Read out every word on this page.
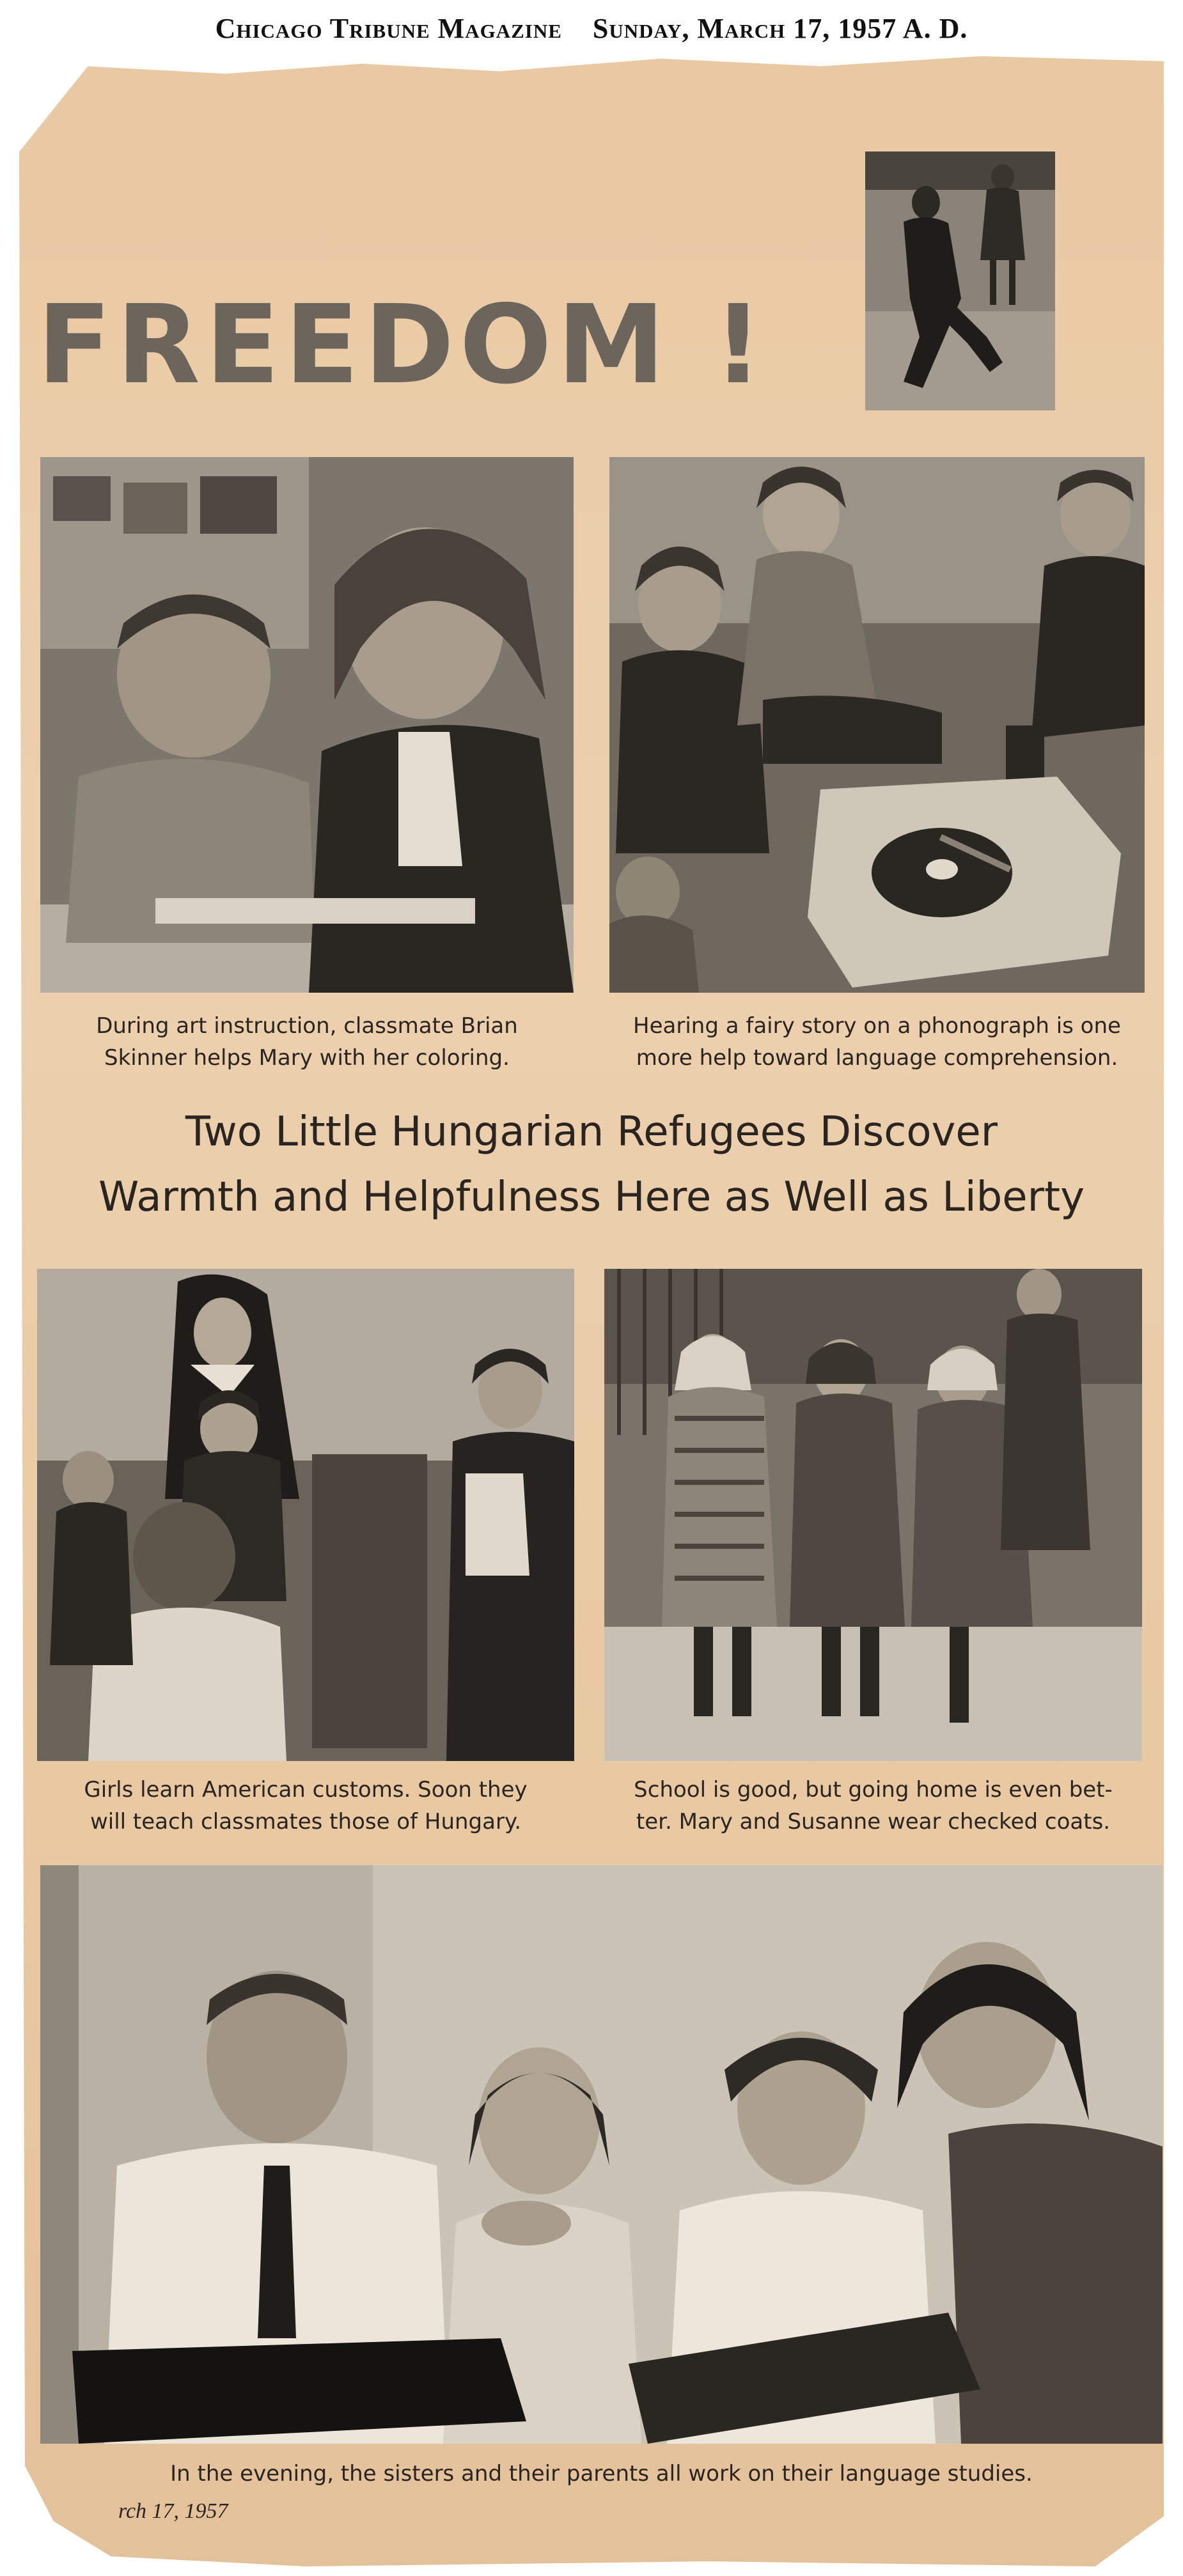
Chicago Tribune Magazine Sunday, March 17, 1957 A. D.
FREEDOM !
During art instruction, classmate Brian
Skinner helps Mary with her coloring.
Hearing a fairy story on a phonograph is one
more help toward language comprehension.
Two Little Hungarian Refugees Discover
Warmth and Helpfulness Here as Well as Liberty
Girls learn American customs. Soon they
will teach classmates those of Hungary.
School is good, but going home is even bet-
ter. Mary and Susanne wear checked coats.
In the evening, the sisters and their parents all work on their language studies.
rch 17, 1957
